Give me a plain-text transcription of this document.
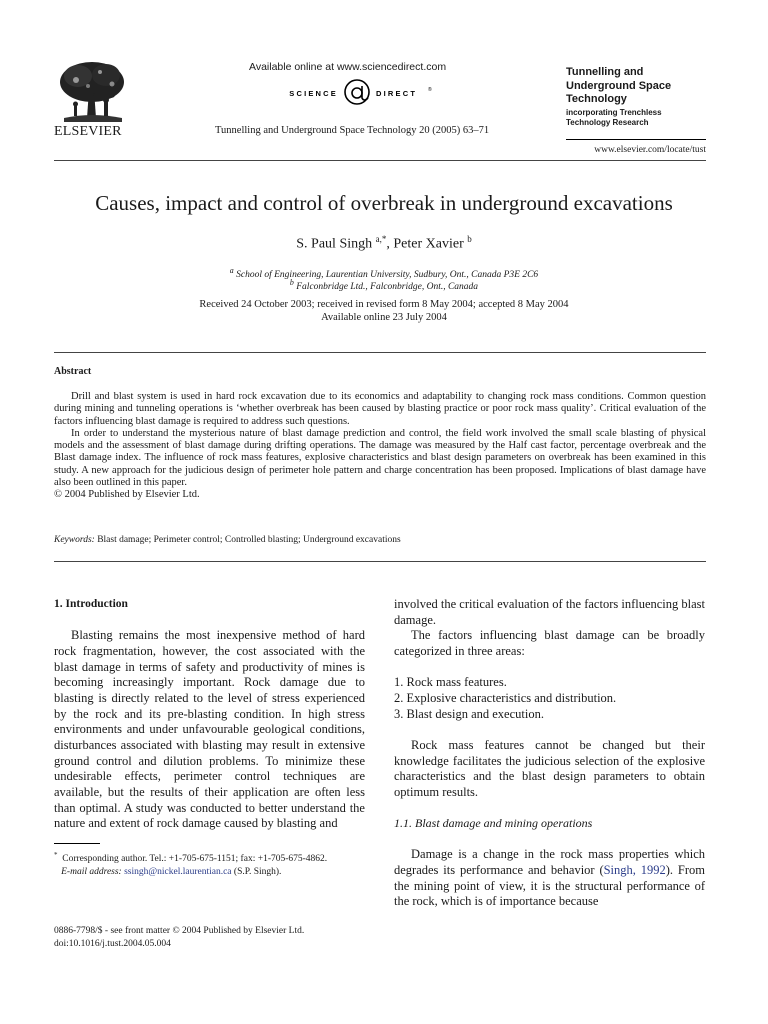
ELSEVIER
Available online at www.sciencedirect.com
SCIENCE	DIRECT ®
Tunnelling and Underground Space Technology 20 (2005) 63–71
Tunnelling and Underground Space Technology
incorporating Trenchless Technology Research
www.elsevier.com/locate/tust
Causes, impact and control of overbreak in underground excavations
S. Paul Singh $^{a,*}$, Peter Xavier $^b$
$^a$ School of Engineering, Laurentian University, Sudbury, Ont., Canada P3E 2C6
$^b$ Falconbridge Ltd., Falconbridge, Ont., Canada
Received 24 October 2003; received in revised form 8 May 2004; accepted 8 May 2004
Available online 23 July 2004
Abstract

Drill and blast system is used in hard rock excavation due to its economics and adaptability to changing rock mass conditions. Common question during mining and tunneling operations is ‘whether overbreak has been caused by blasting practice or poor rock mass quality’. Critical evaluation of the factors influencing blast damage is required to address such questions.

In order to understand the mysterious nature of blast damage prediction and control, the field work involved the small scale blasting of physical models and the assessment of blast damage during drifting operations. The damage was measured by the Half cast factor, percentage overbreak and the Blast damage index. The influence of rock mass features, explosive characteristics and blast design parameters on overbreak has been examined in this study. A new approach for the judicious design of perimeter hole pattern and charge concentration has been proposed. Implications of blast damage have also been outlined in this paper.

© 2004 Published by Elsevier Ltd.

Keywords: Blast damage; Perimeter control; Controlled blasting; Underground excavations

1. Introduction

Blasting remains the most inexpensive method of hard rock fragmentation, however, the cost associated with the blast damage in terms of safety and productivity of mines is becoming increasingly important. Rock damage due to blasting is directly related to the level of stress experienced by the rock and its pre-blasting condition. In high stress environments and under unfavourable geological conditions, disturbances associated with blasting may result in extensive ground control and dilution problems. To minimize these undesirable effects, perimeter control techniques are available, but the results of their application are often less than optimal. A study was conducted to better understand the nature and extent of rock damage caused by blasting and

involved the critical evaluation of the factors influencing blast damage.

The factors influencing blast damage can be broadly categorized in three areas:

1. Rock mass features.

2. Explosive characteristics and distribution.

3. Blast design and execution.

Rock mass features cannot be changed but their knowledge facilitates the judicious selection of the explosive characteristics and the blast design parameters to obtain optimum results.

1.1. Blast damage and mining operations

Damage is a change in the rock mass properties which degrades its performance and behavior (Singh, 1992). From the mining point of view, it is the structural performance of the rock, which is of importance because

* Corresponding author. Tel.: +1-705-675-1151; fax: +1-705-675-4862.

E-mail address: ssingh@nickel.laurentian.ca (S.P. Singh).

0886-7798/$ - see front matter © 2004 Published by Elsevier Ltd.
doi:10.1016/j.tust.2004.05.004
